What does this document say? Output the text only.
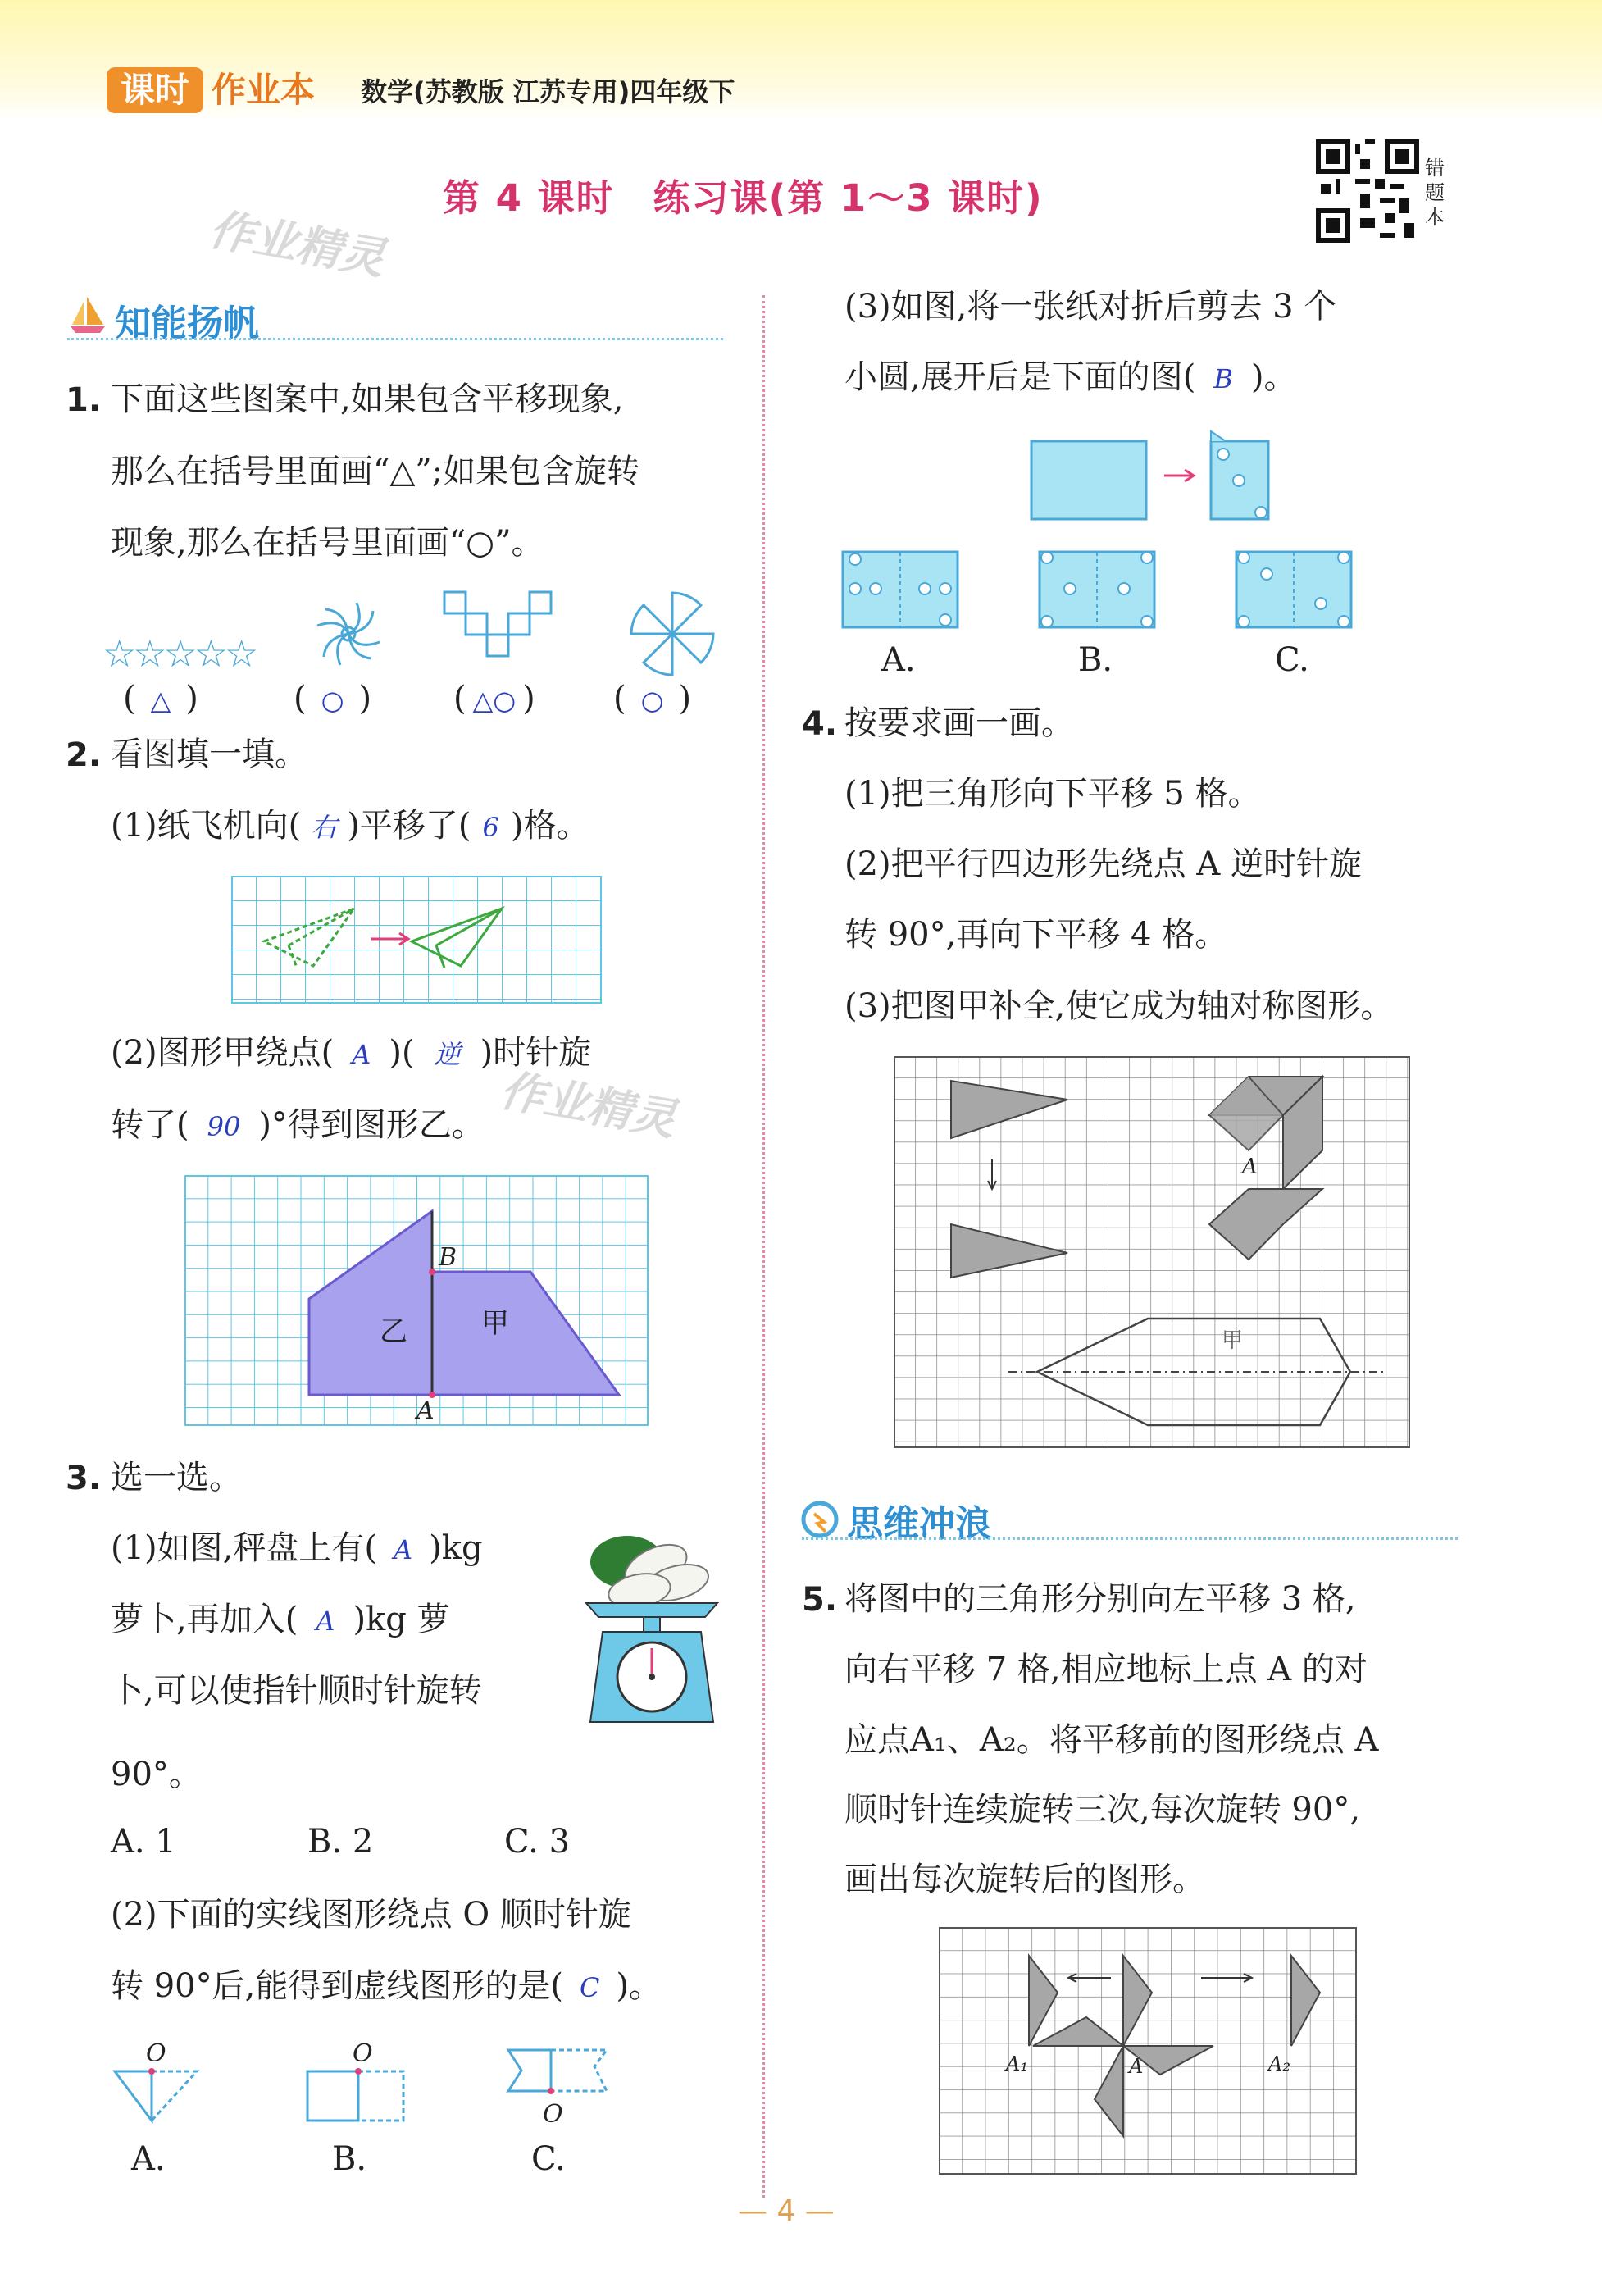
课时 作业本 数学(苏教版 江苏专用)四年级下
第 4 课时　练习课(第 1～3 课时)
错题本
作业精灵
作业精灵
知能扬帆
1. 下面这些图案中,如果包含平移现象,
那么在括号里面画“△”;如果包含旋转
现象,那么在括号里面画“○”。
☆☆☆☆☆
( △ )	( ○ ) ( △○ ) ( ○ )
2. 看图填一填。
(1)纸飞机向( 右 )平移了( 6 )格。
(2)图形甲绕点( A )( 逆 )时针旋
转了( 90 )°得到图形乙。
乙	甲
B
A
3. 选一选。
(1)如图,秤盘上有( A )kg
萝卜,再加入( A )kg 萝
卜,可以使指针顺时针旋转
90°。
A. 1	B. 2	C. 3
(2)下面的实线图形绕点 O 顺时针旋
转 90°后,能得到虚线图形的是( C )。
O	O
O
A.	B.	C.
(3)如图,将一张纸对折后剪去 3 个
小圆,展开后是下面的图( B )。
A.	B.	C.
4. 按要求画一画。
(1)把三角形向下平移 5 格。
(2)把平行四边形先绕点 A 逆时针旋
转 90°,再向下平移 4 格。
(3)把图甲补全,使它成为轴对称图形。
A
甲
思维冲浪
5. 将图中的三角形分别向左平移 3 格,
向右平移 7 格,相应地标上点 A 的对
应点A₁、A₂。将平移前的图形绕点 A
顺时针连续旋转三次,每次旋转 90°,
画出每次旋转后的图形。
A₁	A	A₂
— 4 —
